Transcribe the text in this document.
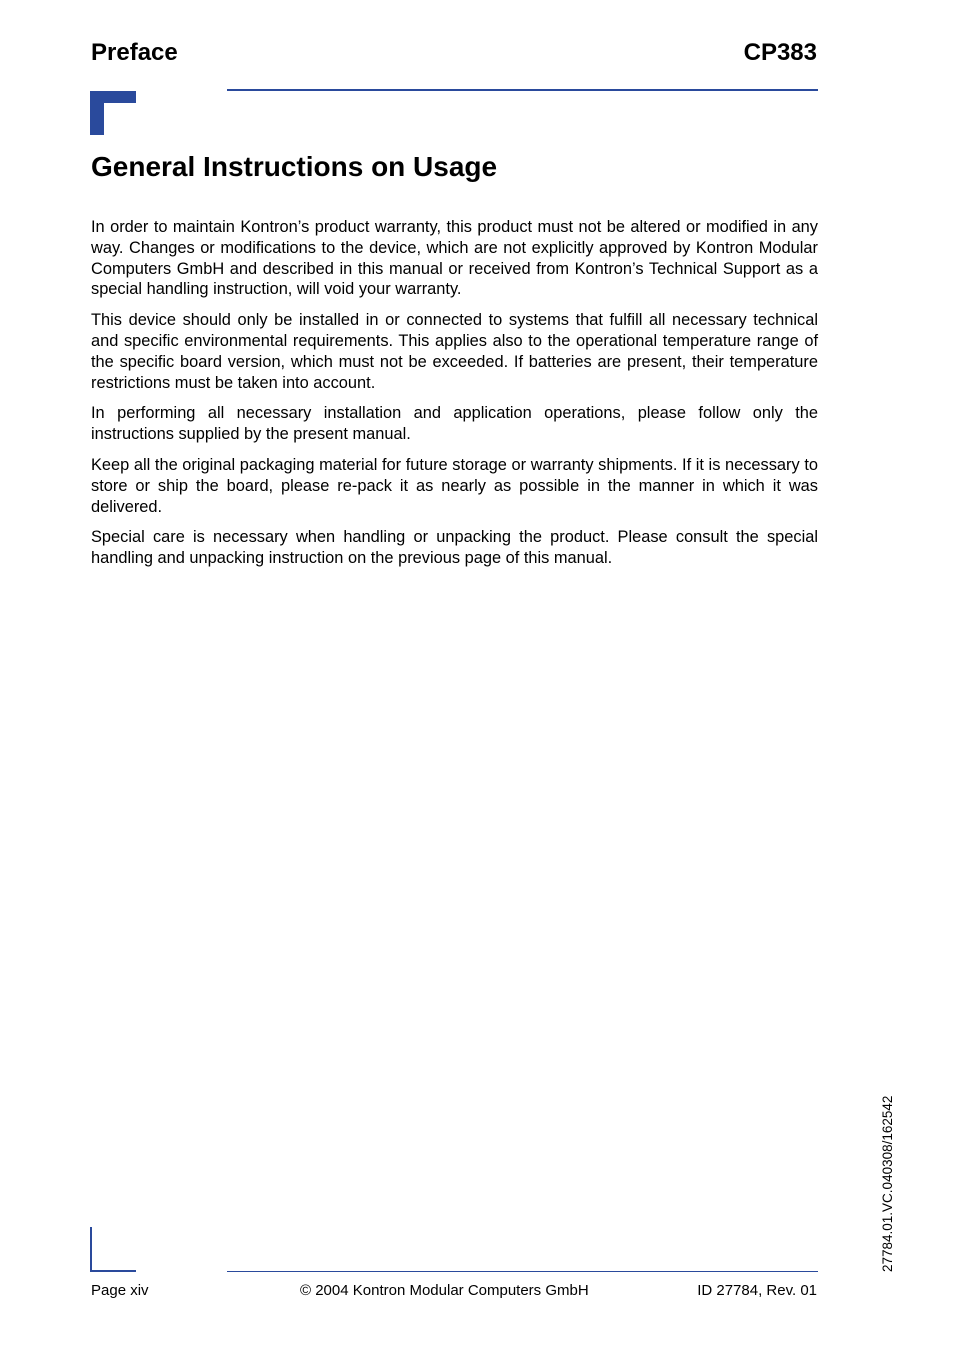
Preface	CP383
General Instructions on Usage

In order to maintain Kontron’s product warranty, this product must not be altered or modified in any way. Changes or modifications to the device, which are not explicitly approved by Kontron Modular Computers GmbH and described in this manual or received from Kontron’s Technical Support as a special handling instruction, will void your warranty.

This device should only be installed in or connected to systems that fulfill all necessary technical and specific environmental requirements. This applies also to the operational temperature range of the specific board version, which must not be exceeded. If batteries are present, their temperature restrictions must be taken into account.

In performing all necessary installation and application operations, please follow only the instructions supplied by the present manual.

Keep all the original packaging material for future storage or warranty shipments. If it is necessary to store or ship the board, please re-pack it as nearly as possible in the manner in which it was delivered.

Special care is necessary when handling or unpacking the product. Please consult the special handling and unpacking instruction on the previous page of this manual.

27784.01.VC.040308/162542
Page xiv	© 2004 Kontron Modular Computers GmbH	ID 27784, Rev. 01
